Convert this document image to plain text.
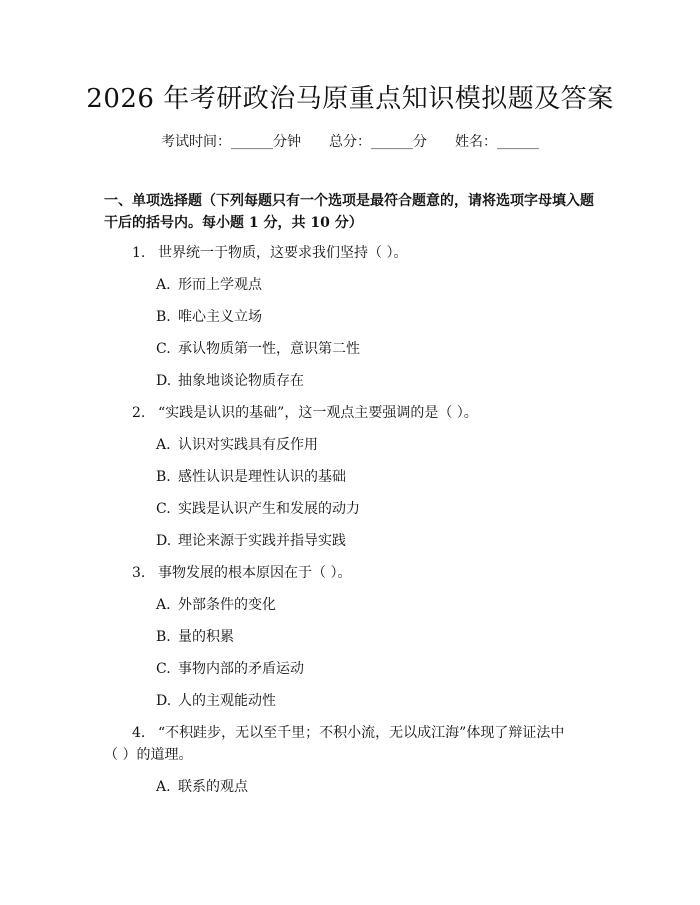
2026 年考研政治马原重点知识模拟题及答案
考试时间：______分钟 总分：______分 姓名：______
一、单项选择题（下列每题只有一个选项是最符合题意的，请将选项字母填入题
干后的括号内。每小题 1 分，共 10 分）
1. 世界统一于物质，这要求我们坚持（ ）。
A. 形而上学观点
B. 唯心主义立场
C. 承认物质第一性，意识第二性
D. 抽象地谈论物质存在
2. “实践是认识的基础”，这一观点主要强调的是（ ）。
A. 认识对实践具有反作用
B. 感性认识是理性认识的基础
C. 实践是认识产生和发展的动力
D. 理论来源于实践并指导实践
3. 事物发展的根本原因在于（ ）。
A. 外部条件的变化
B. 量的积累
C. 事物内部的矛盾运动
D. 人的主观能动性
4. “不积跬步，无以至千里；不积小流，无以成江海”体现了辩证法中
（ ）的道理。
A. 联系的观点
